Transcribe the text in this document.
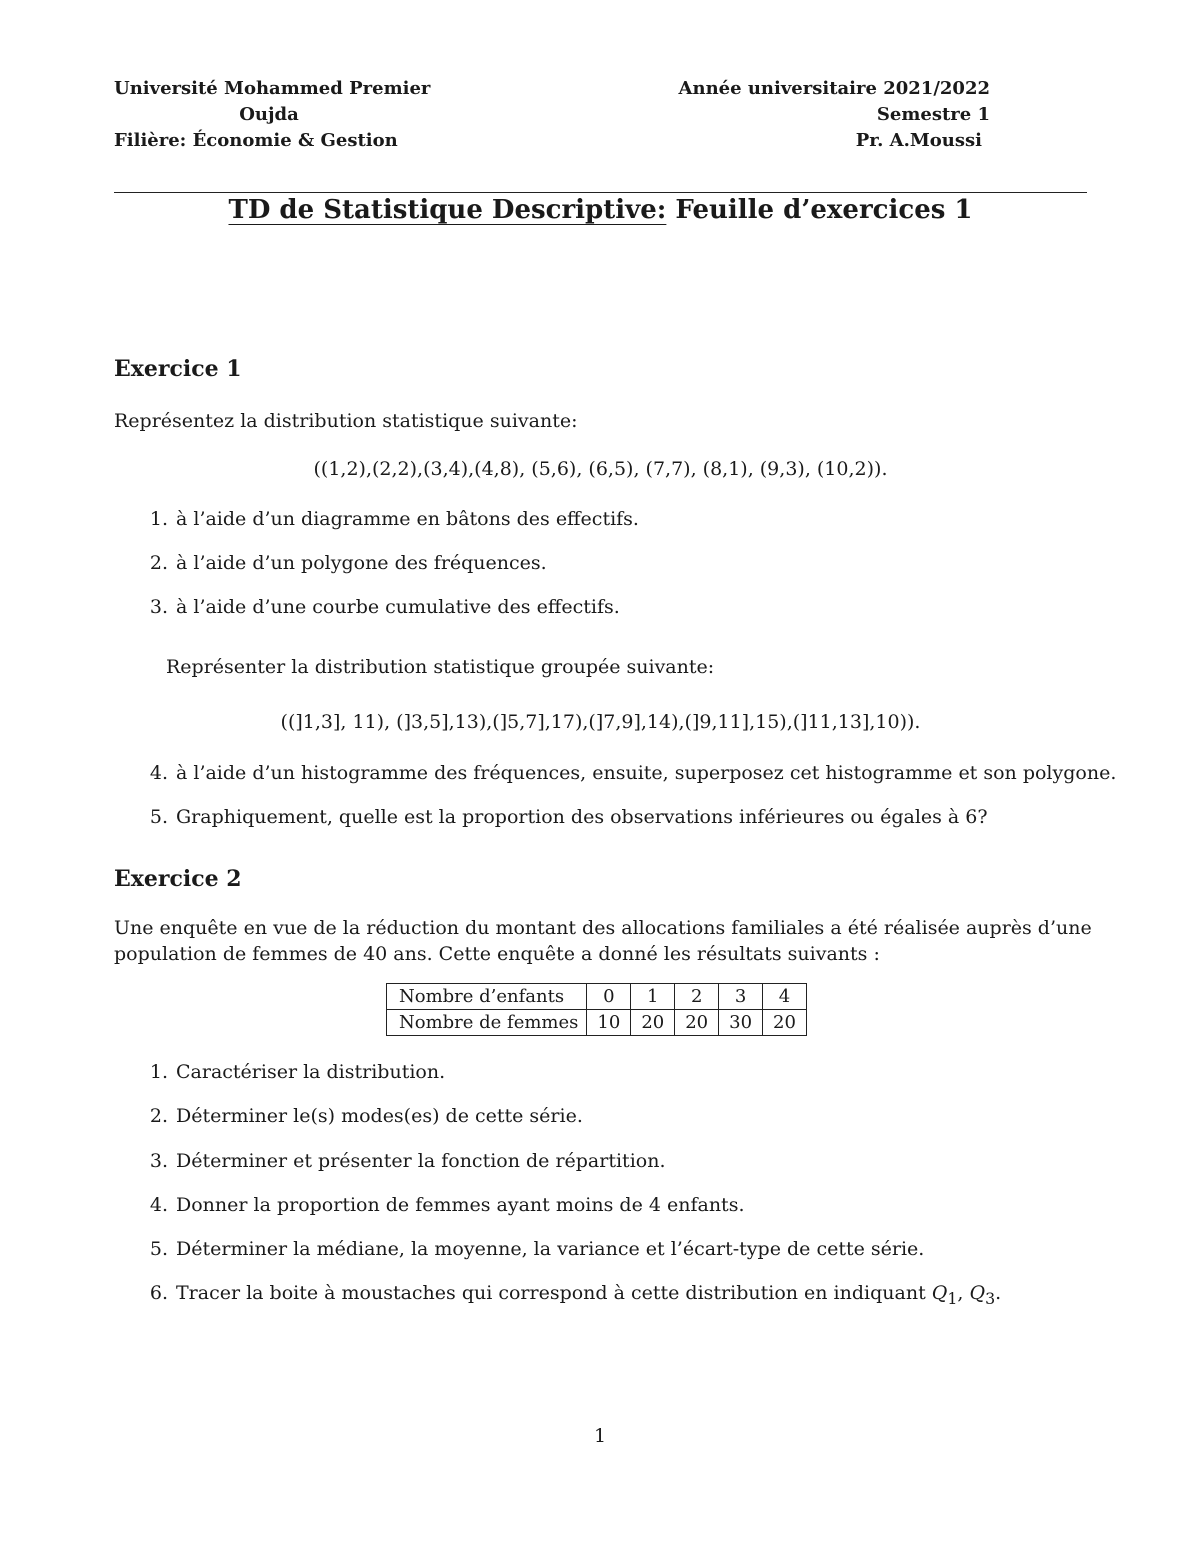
Université Mohammed Premier
Oujda
Filière: Économie & Gestion
Année universitaire 2021/2022
Semestre 1
Pr. A.Moussi
TD de Statistique Descriptive: Feuille d’exercices 1
Exercice 1
Représentez la distribution statistique suivante:
((1,2),(2,2),(3,4),(4,8), (5,6), (6,5), (7,7), (8,1), (9,3), (10,2)).
1. à l’aide d’un diagramme en bâtons des effectifs.
2. à l’aide d’un polygone des fréquences.
3. à l’aide d’une courbe cumulative des effectifs.
Représenter la distribution statistique groupée suivante:
((]1,3], 11), (]3,5],13),(]5,7],17),(]7,9],14),(]9,11],15),(]11,13],10)).
4. à l’aide d’un histogramme des fréquences, ensuite, superposez cet histogramme et son polygone.
5. Graphiquement, quelle est la proportion des observations inférieures ou égales à 6?
Exercice 2
Une enquête en vue de la réduction du montant des allocations familiales a été réalisée auprès d’une
population de femmes de 40 ans. Cette enquête a donné les résultats suivants :
Nombre d’enfants	0	1	2	3	4
Nombre de femmes	10	20	20	30	20
1. Caractériser la distribution.
2. Déterminer le(s) modes(es) de cette série.
3. Déterminer et présenter la fonction de répartition.
4. Donner la proportion de femmes ayant moins de 4 enfants.
5. Déterminer la médiane, la moyenne, la variance et l’écart-type de cette série.
6. Tracer la boite à moustaches qui correspond à cette distribution en indiquant $Q_1$, $Q_3$.
1
